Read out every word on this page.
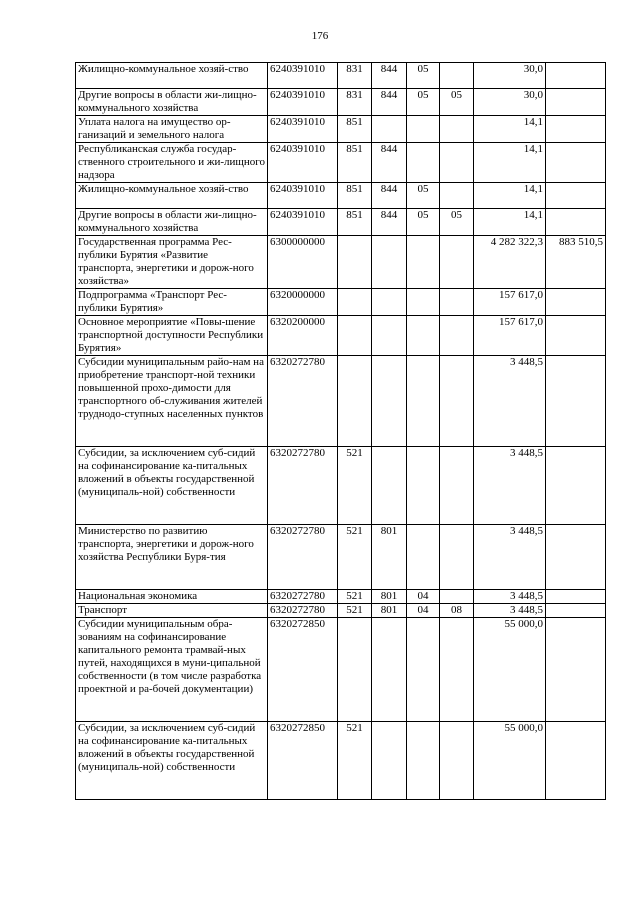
176
Жилищно-коммунальное хозяй-ство	6240391010	831	844	05		30,0	
Другие вопросы в области жи-лищно-коммунального хозяйства	6240391010	831	844	05	05	30,0	
Уплата налога на имущество ор-ганизаций и земельного налога	6240391010	851				14,1	
Республиканская служба государ-ственного строительного и жи-лищного надзора	6240391010	851	844			14,1	
Жилищно-коммунальное хозяй-ство	6240391010	851	844	05		14,1	
Другие вопросы в области жи-лищно-коммунального хозяйства	6240391010	851	844	05	05	14,1	
Государственная программа Рес-публики Бурятия «Развитие транспорта, энергетики и дорож-ного хозяйства»	6300000000					4 282 322,3	883 510,5
Подпрограмма «Транспорт Рес-публики Бурятия»	6320000000					157 617,0	
Основное мероприятие «Повы-шение транспортной доступности Республики Бурятия»	6320200000					157 617,0	
Субсидии муниципальным райо-нам на приобретение транспорт-ной техники повышенной прохо-димости для транспортного об-служивания жителей труднодо-ступных населенных пунктов	6320272780					3 448,5	
Субсидии, за исключением суб-сидий на софинансирование ка-питальных вложений в объекты государственной (муниципаль-ной) собственности	6320272780	521				3 448,5	
Министерство по развитию транспорта, энергетики и дорож-ного хозяйства Республики Буря-тия	6320272780	521	801			3 448,5	
Национальная экономика	6320272780	521	801	04		3 448,5	
Транспорт	6320272780	521	801	04	08	3 448,5	
Субсидии муниципальным обра-зованиям на софинансирование капитального ремонта трамвай-ных путей, находящихся в муни-ципальной собственности (в том числе разработка проектной и ра-бочей документации)	6320272850					55 000,0	
Субсидии, за исключением суб-сидий на софинансирование ка-питальных вложений в объекты государственной (муниципаль-ной) собственности	6320272850	521				55 000,0	
